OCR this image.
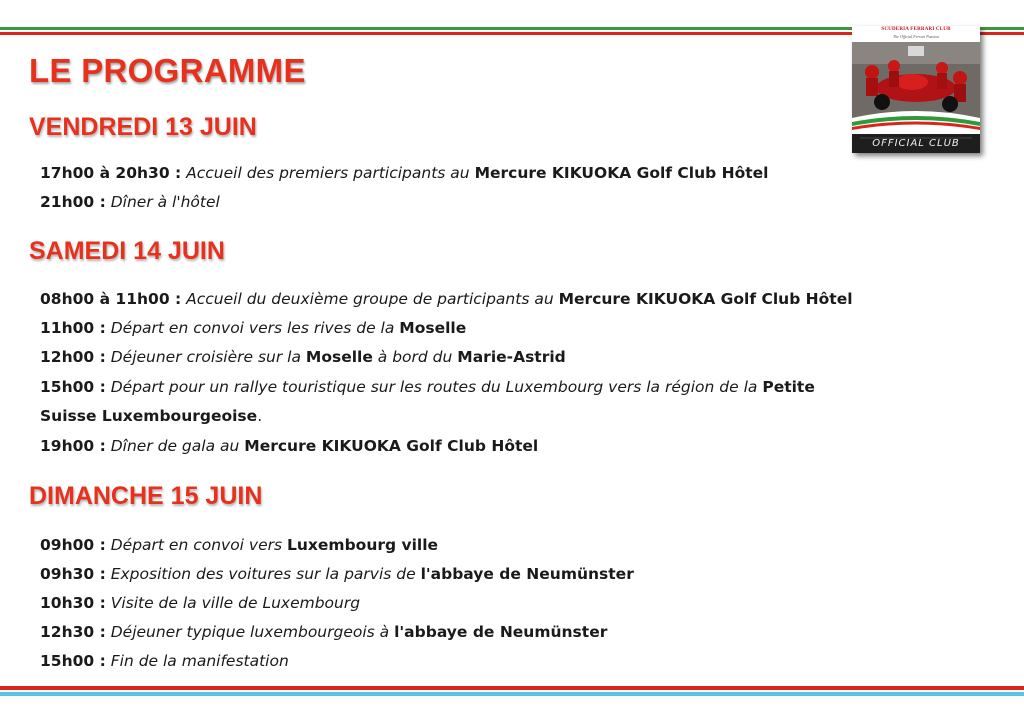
LE PROGRAMME
SCUDERIA FERRARI CLUB
The Official Ferrari Passion
OFFICIAL CLUB
VENDREDI 13 JUIN

17h00 à 20h30 : Accueil des premiers participants au Mercure KIKUOKA Golf Club Hôtel

21h00 : Dîner à l'hôtel

SAMEDI 14 JUIN

08h00 à 11h00 : Accueil du deuxième groupe de participants au Mercure KIKUOKA Golf Club Hôtel

11h00 : Départ en convoi vers les rives de la Moselle

12h00 : Déjeuner croisière sur la Moselle à bord du Marie-Astrid

15h00 : Départ pour un rallye touristique sur les routes du Luxembourg vers la région de la Petite

Suisse Luxembourgeoise.

19h00 : Dîner de gala au Mercure KIKUOKA Golf Club Hôtel

DIMANCHE 15 JUIN

09h00 : Départ en convoi vers Luxembourg ville

09h30 : Exposition des voitures sur la parvis de l'abbaye de Neumünster

10h30 : Visite de la ville de Luxembourg

12h30 : Déjeuner typique luxembourgeois à l'abbaye de Neumünster

15h00 : Fin de la manifestation
